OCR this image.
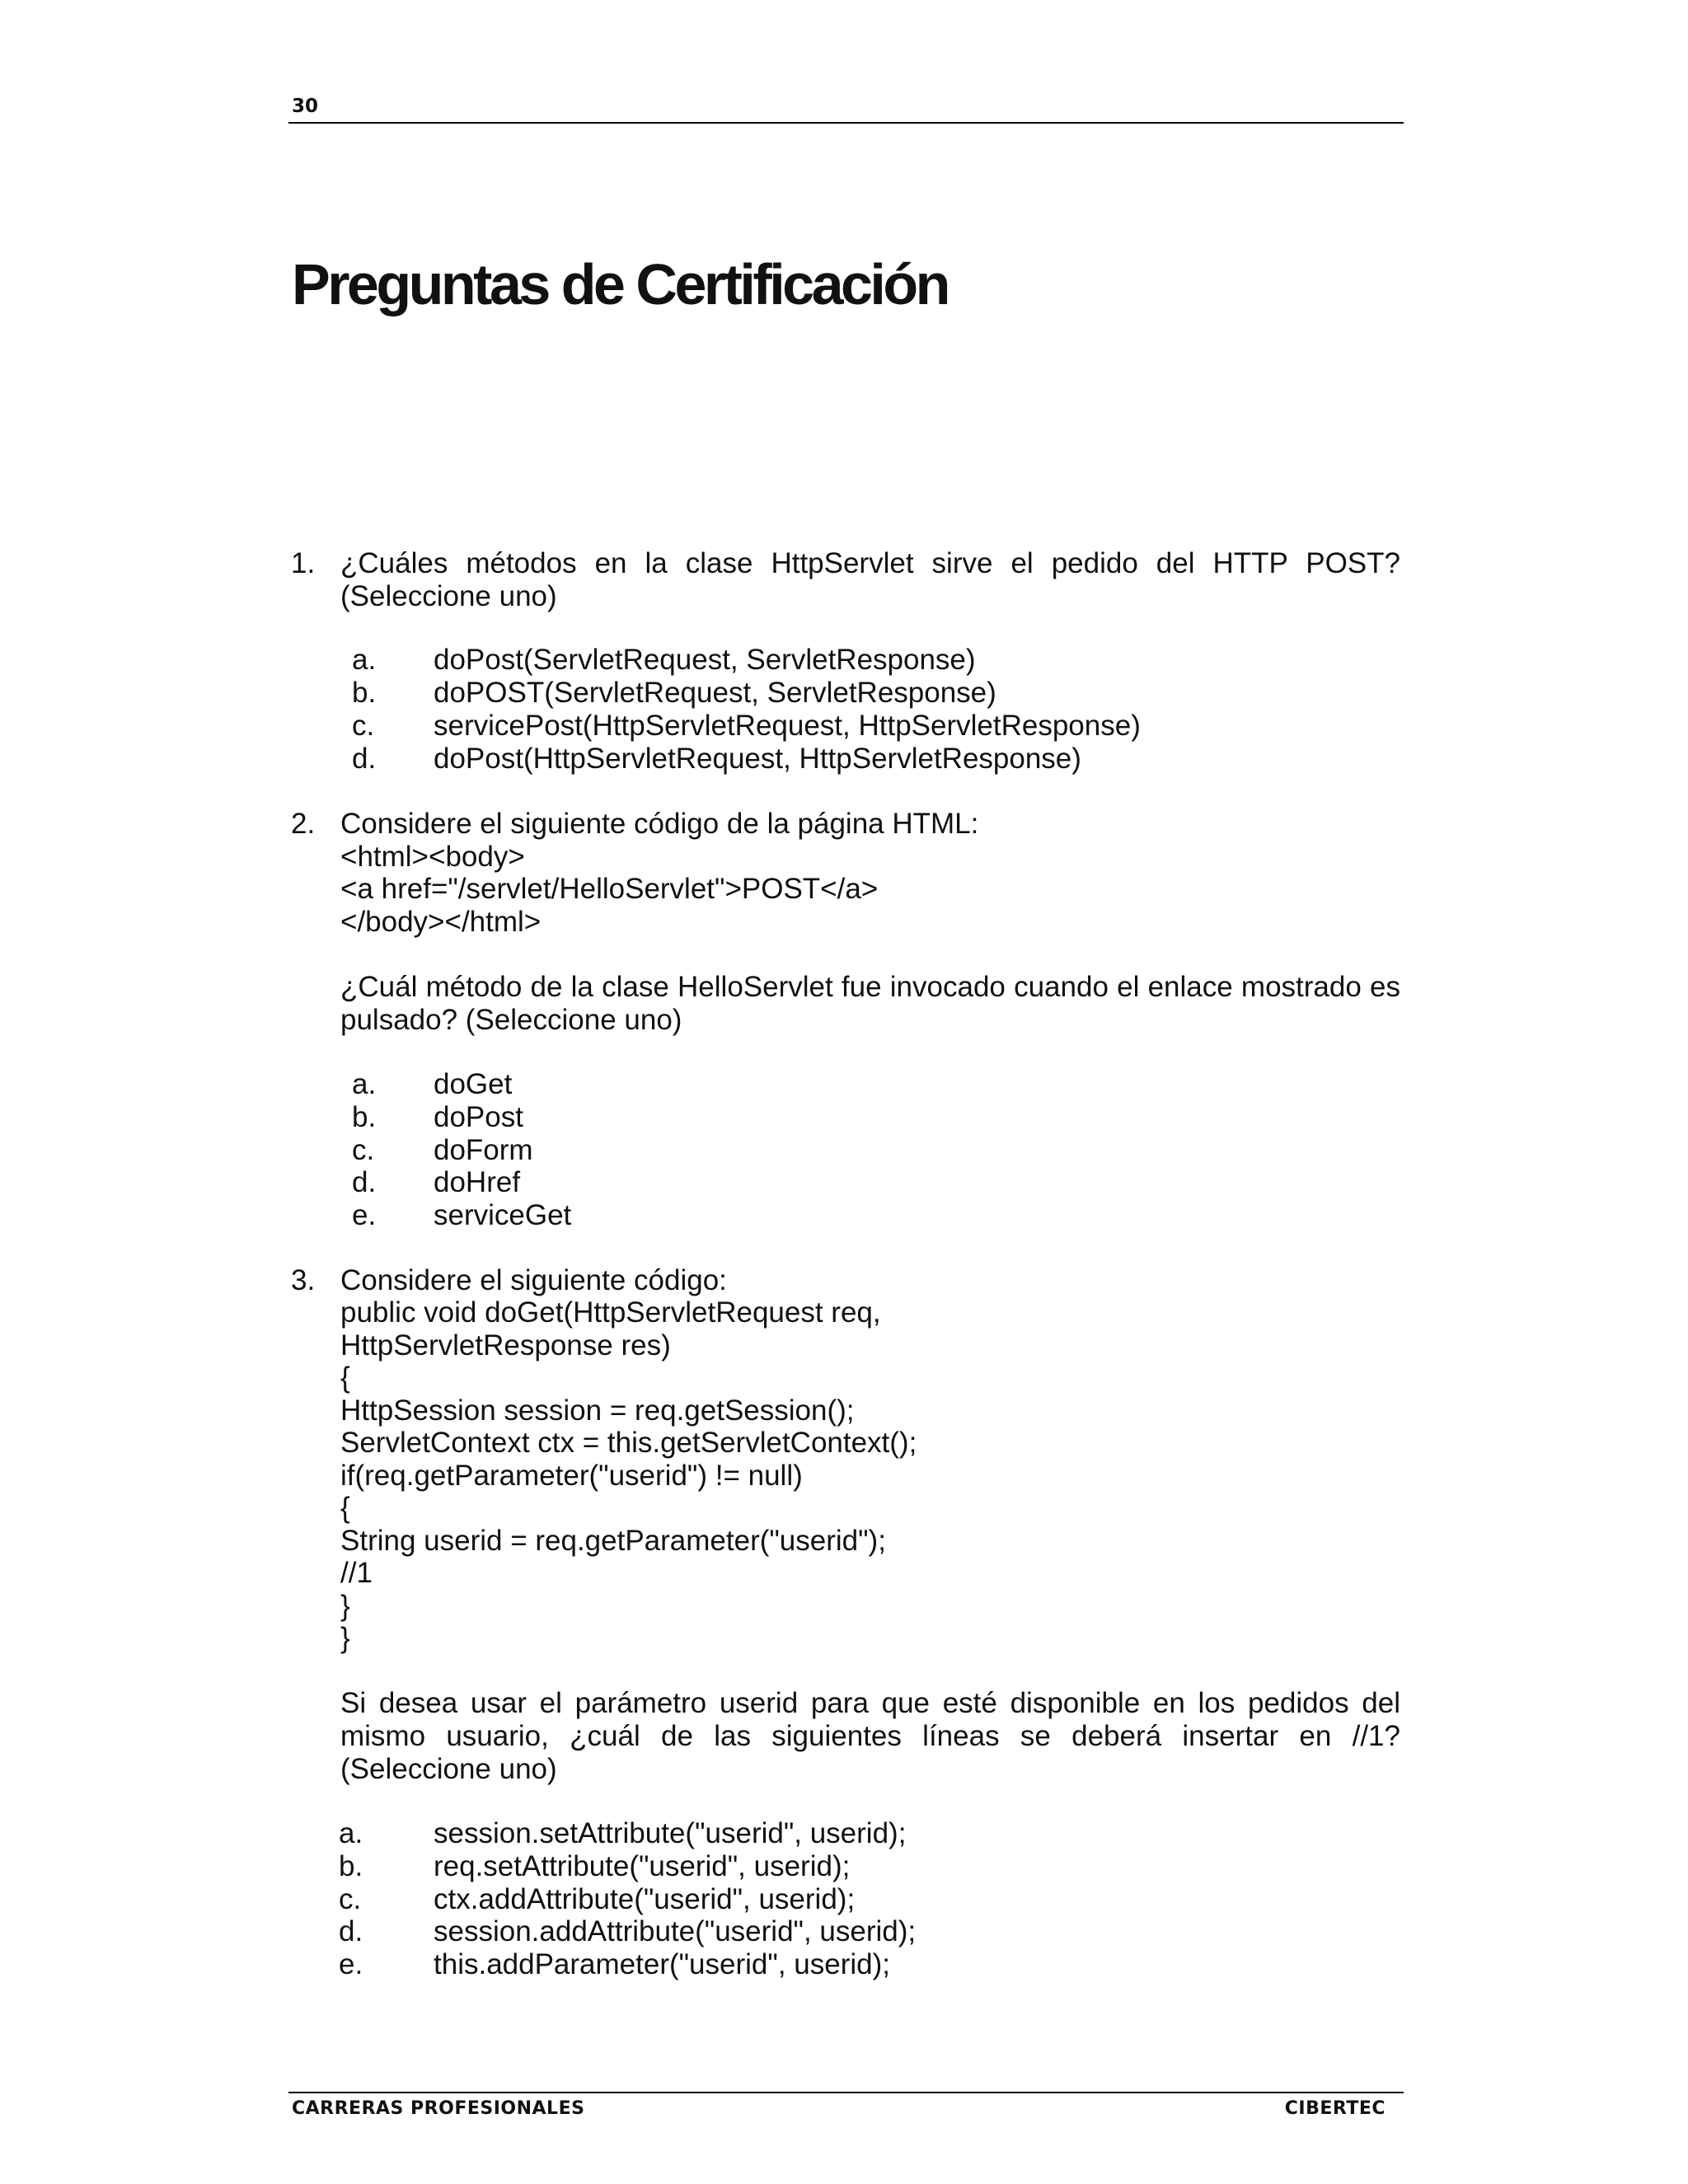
30
Preguntas de Certificación
1. ¿Cuáles métodos en la clase HttpServlet sirve el pedido del HTTP POST?
(Seleccione uno)
a.	doPost(ServletRequest, ServletResponse)
b.	doPOST(ServletRequest, ServletResponse)
c.	servicePost(HttpServletRequest, HttpServletResponse)
d.	doPost(HttpServletRequest, HttpServletResponse)
2. Considere el siguiente código de la página HTML:
<html><body>
<a href="/servlet/HelloServlet">POST</a>
</body></html>
¿Cuál método de la clase HelloServlet fue invocado cuando el enlace mostrado es
pulsado? (Seleccione uno)
a.	doGet
b.	doPost
c.	doForm
d.	doHref
e.	serviceGet
3. Considere el siguiente código:
public void doGet(HttpServletRequest req,
HttpServletResponse res)
{
HttpSession session = req.getSession();
ServletContext ctx = this.getServletContext();
if(req.getParameter("userid") != null)
{
String userid = req.getParameter("userid");
//1
}
}
Si desea usar el parámetro userid para que esté disponible en los pedidos del
mismo usuario, ¿cuál de las siguientes líneas se deberá insertar en //1?
(Seleccione uno)
a.	session.setAttribute("userid", userid);
b.	req.setAttribute("userid", userid);
c.	ctx.addAttribute("userid", userid);
d.	session.addAttribute("userid", userid);
e.	this.addParameter("userid", userid);
CARRERAS PROFESIONALES	CIBERTEC
